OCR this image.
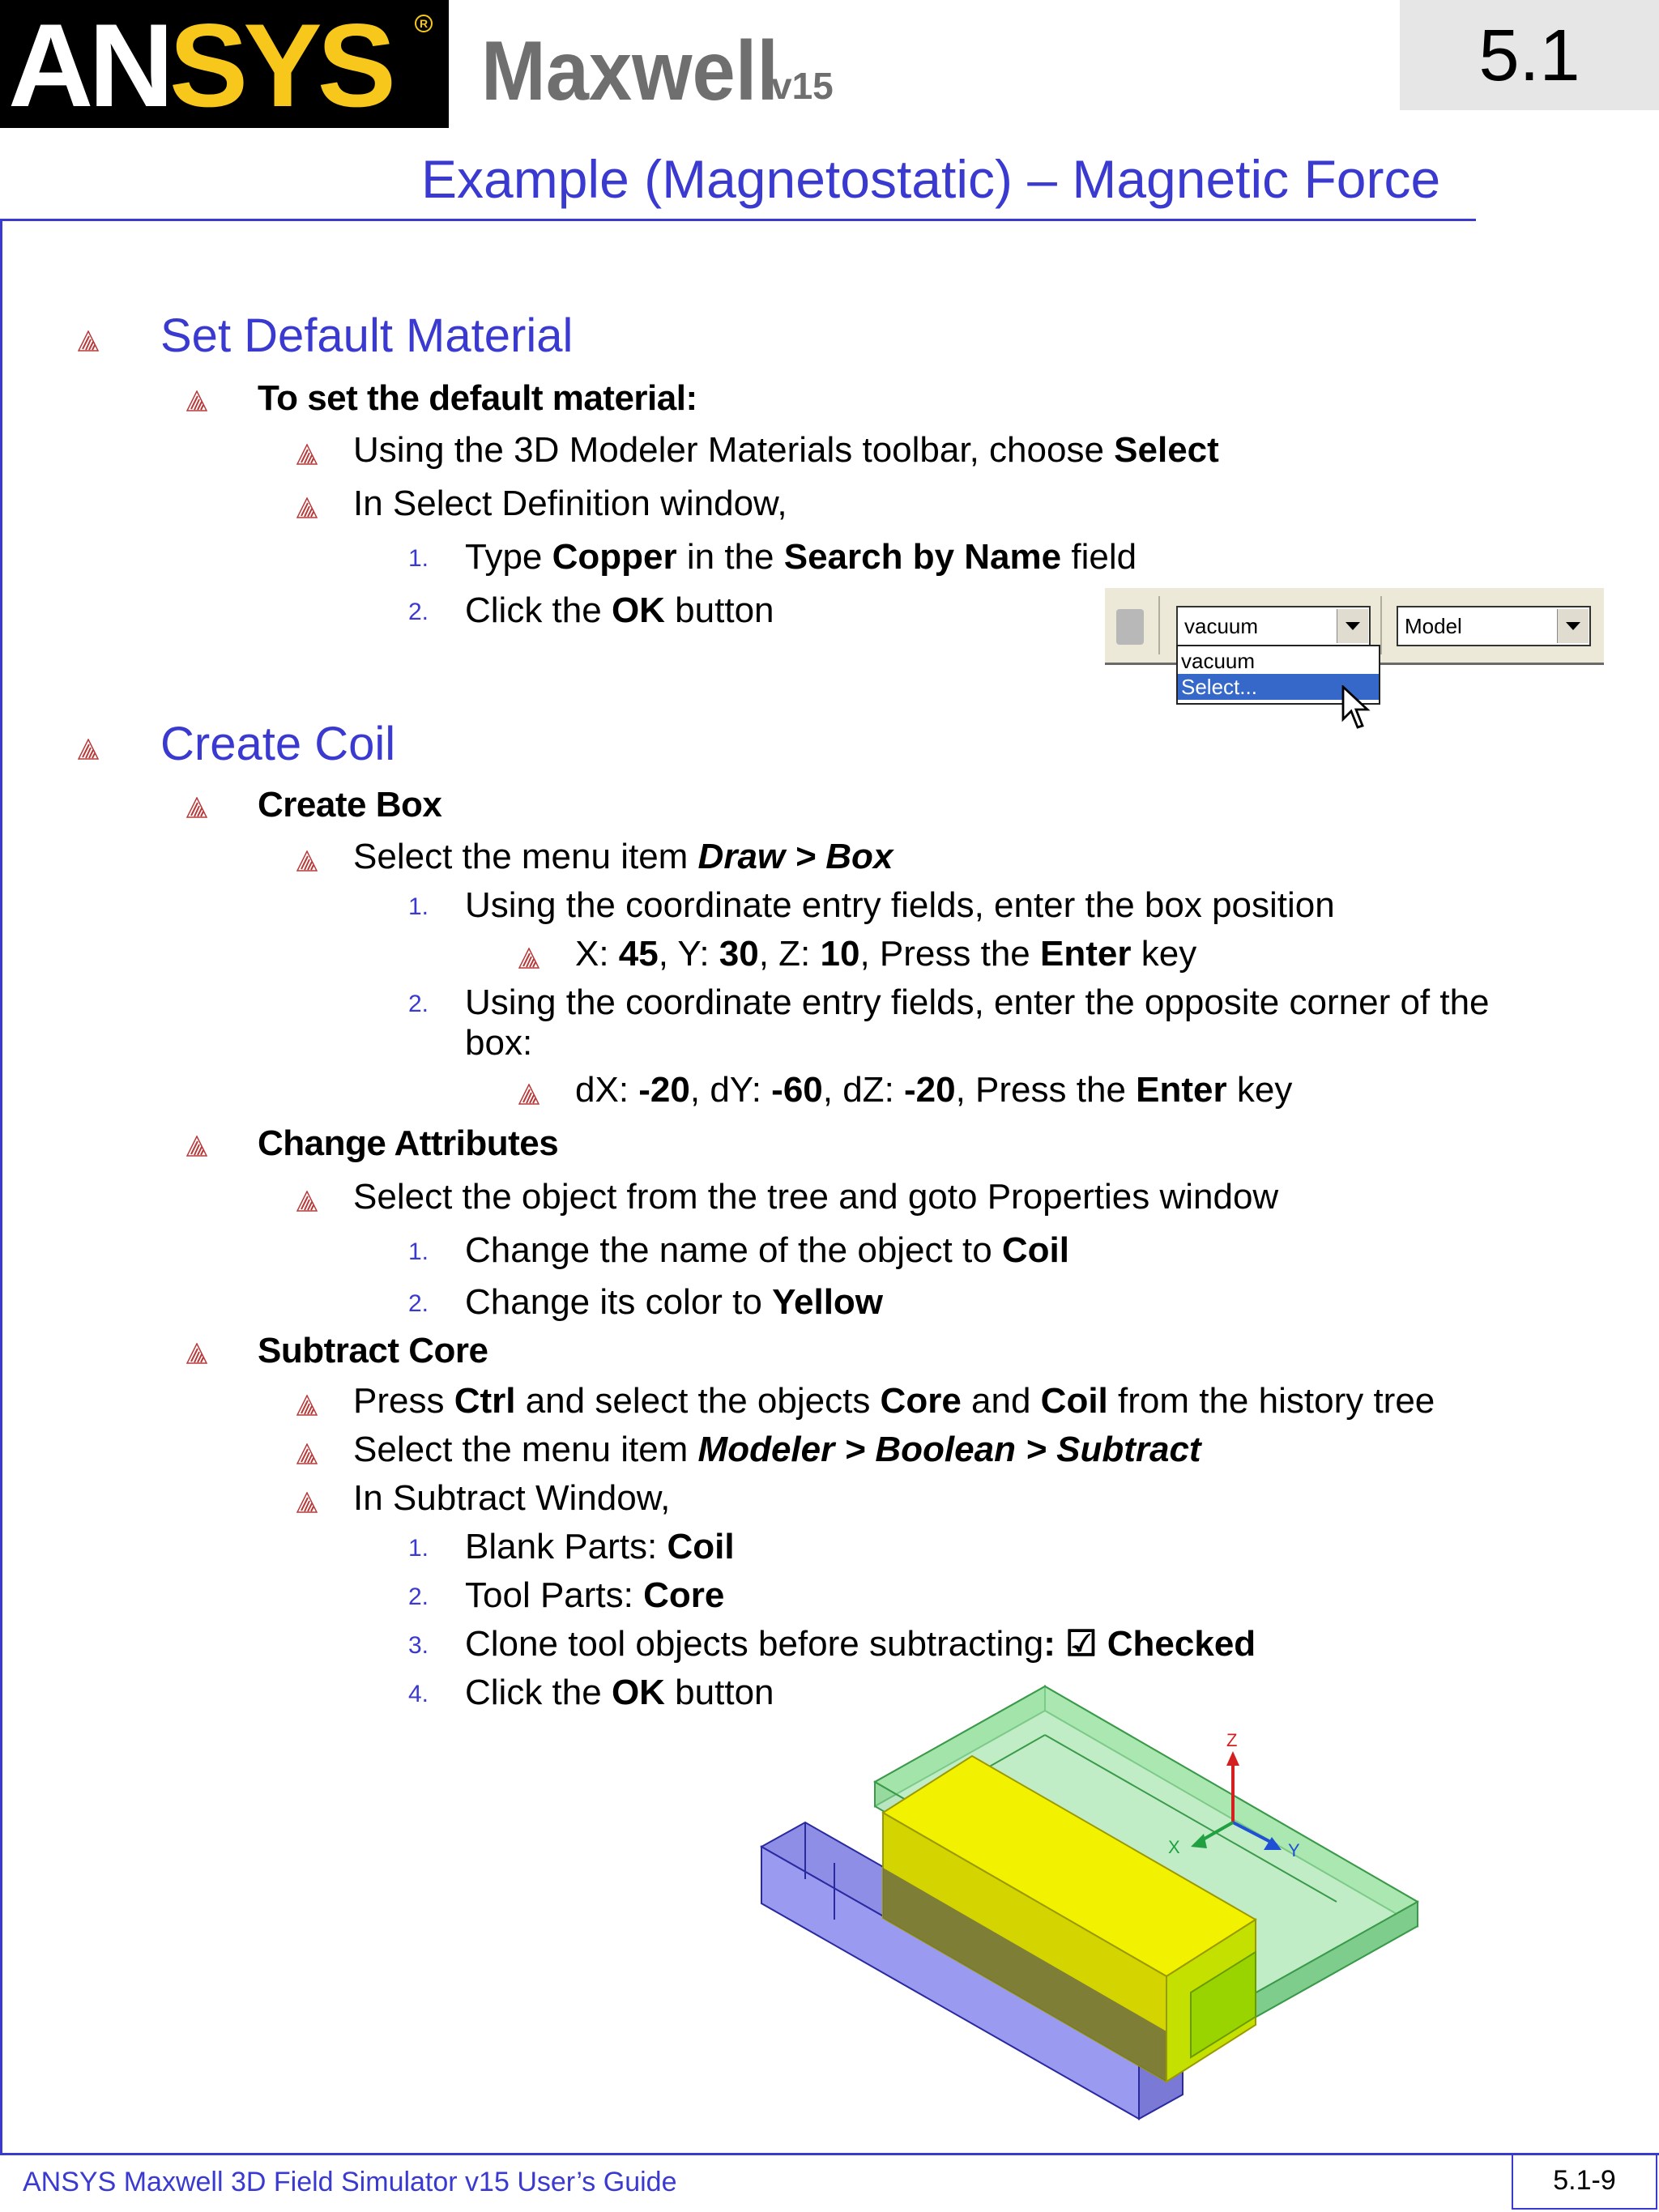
ANSYS	R
Maxwell
v15	5.1
Example (Magnetostatic) – Magnetic Force
Set Default Material
To set the default material:
Using the 3D Modeler Materials toolbar, choose Select
In Select Definition window,
1. Type Copper in the Search by Name field
2. Click the OK button	vacuum	Model
vacuum
Select...
Create Coil
Create Box
Select the menu item Draw > Box
1. Using the coordinate entry fields, enter the box position
X: 45, Y: 30, Z: 10, Press the Enter key
2. Using the coordinate entry fields, enter the opposite corner of the
box:
dX: -20, dY: -60, dZ: -20, Press the Enter key
Change Attributes
Select the object from the tree and goto Properties window
1. Change the name of the object to Coil
2. Change its color to Yellow
Subtract Core
Press Ctrl and select the objects Core and Coil from the history tree
Select the menu item Modeler > Boolean > Subtract
In Subtract Window,
1. Blank Parts: Coil
2. Tool Parts: Core
3. Clone tool objects before subtracting: ☑ Checked
4. Click the OK button
Z
Y
X
ANSYS Maxwell 3D Field Simulator v15 User’s Guide	5.1-9
